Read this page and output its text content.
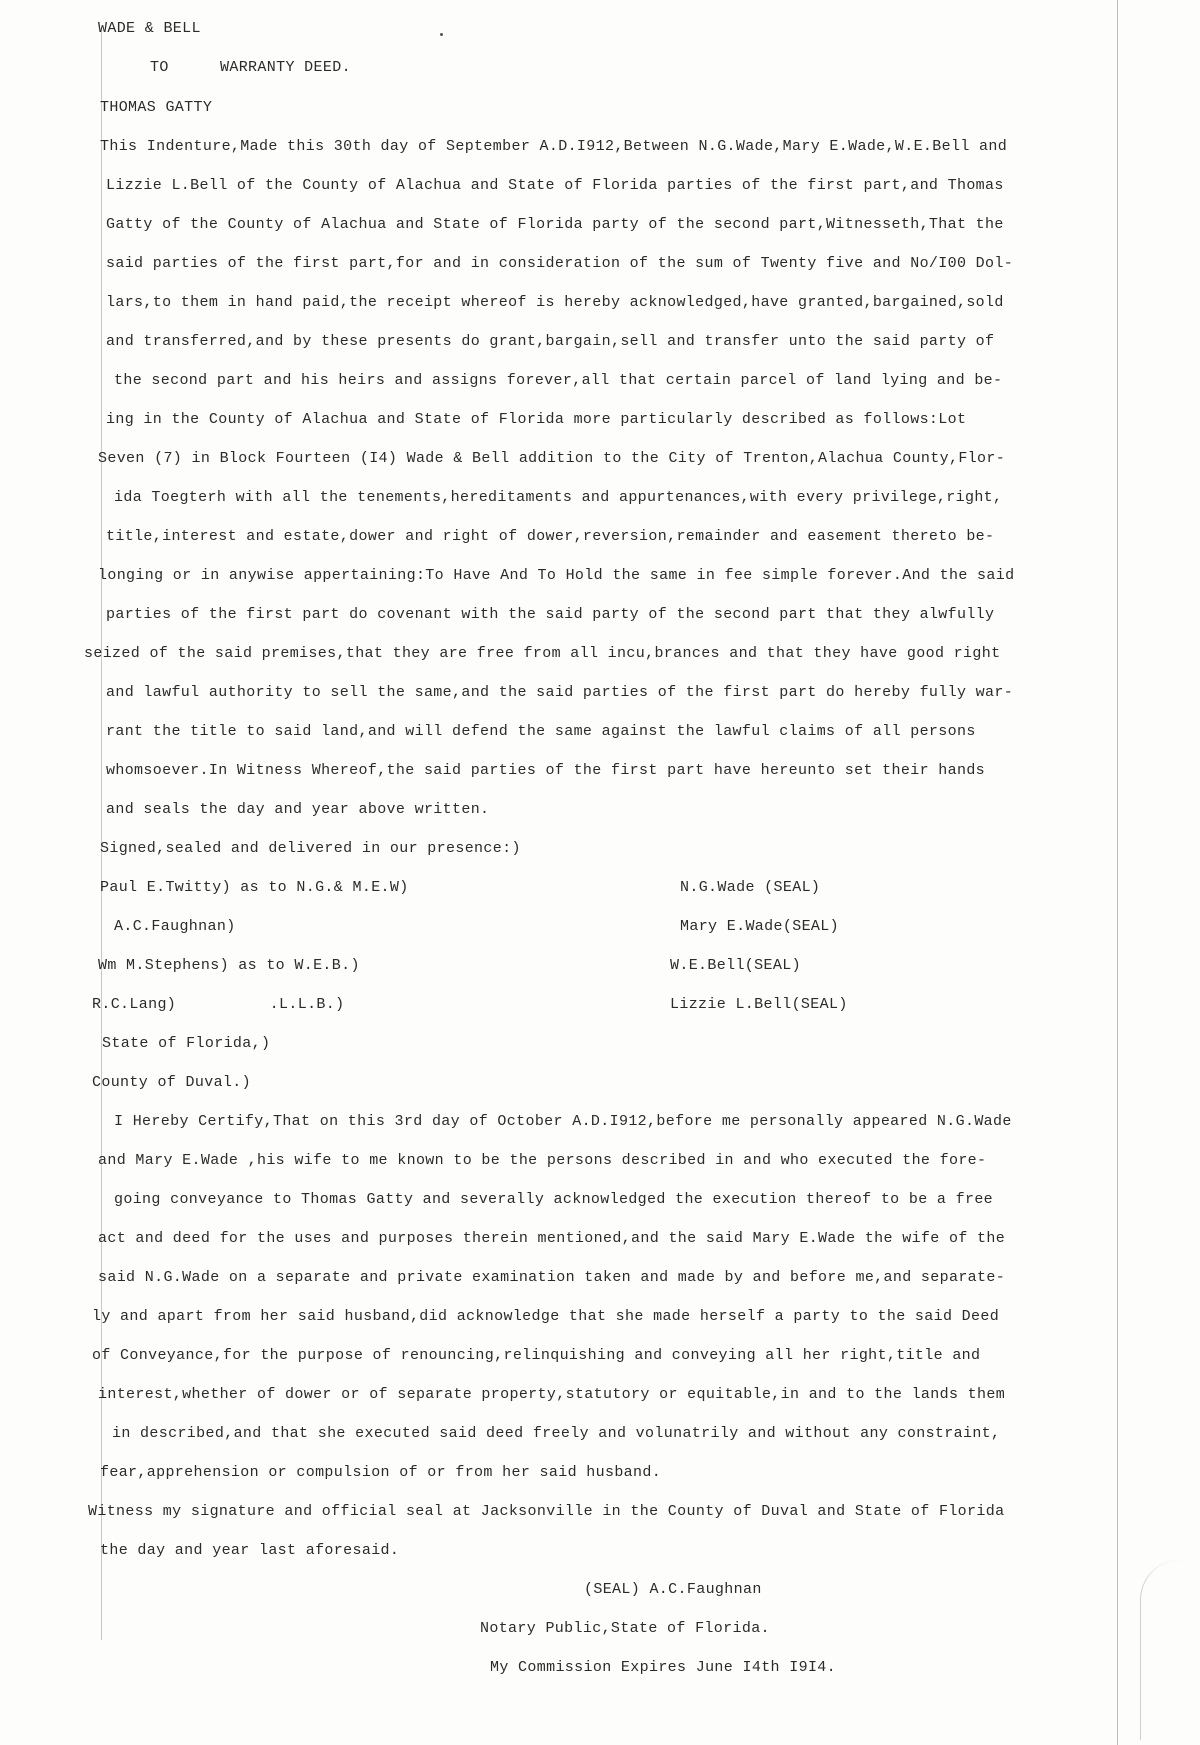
WADE & BELL
TO	WARRANTY DEED.
THOMAS GATTY
This Indenture,Made this 30th day of September A.D.I912,Between N.G.Wade,Mary E.Wade,W.E.Bell and
Lizzie L.Bell of the County of Alachua and State of Florida parties of the first part,and Thomas
Gatty of the County of Alachua and State of Florida party of the second part,Witnesseth,That the
said parties of the first part,for and in consideration of the sum of Twenty five and No/I00 Dol-
lars,to them in hand paid,the receipt whereof is hereby acknowledged,have granted,bargained,sold
and transferred,and by these presents do grant,bargain,sell and transfer unto the said party of
the second part and his heirs and assigns forever,all that certain parcel of land lying and be-
ing in the County of Alachua and State of Florida more particularly described as follows:Lot
Seven (7) in Block Fourteen (I4) Wade & Bell addition to the City of Trenton,Alachua County,Flor-
ida Toegterh with all the tenements,hereditaments and appurtenances,with every privilege,right,
title,interest and estate,dower and right of dower,reversion,remainder and easement thereto be-
longing or in anywise appertaining:To Have And To Hold the same in fee simple forever.And the said
parties of the first part do covenant with the said party of the second part that they alwfully
seized of the said premises,that they are free from all incu,brances and that they have good right
and lawful authority to sell the same,and the said parties of the first part do hereby fully war-
rant the title to said land,and will defend the same against the lawful claims of all persons
whomsoever.In Witness Whereof,the said parties of the first part have hereunto set their hands
and seals the day and year above written.
Signed,sealed and delivered in our presence:)
Paul E.Twitty) as to N.G.& M.E.W)
A.C.Faughnan)
Wm M.Stephens) as to W.E.B.)
R.C.Lang)          .L.L.B.)
N.G.Wade (SEAL)
Mary E.Wade(SEAL)
W.E.Bell(SEAL)
Lizzie L.Bell(SEAL)
State of Florida,)
County of Duval.)
I Hereby Certify,That on this 3rd day of October A.D.I912,before me personally appeared N.G.Wade
and Mary E.Wade ,his wife to me known to be the persons described in and who executed the fore-
going conveyance to Thomas Gatty and severally acknowledged the execution thereof to be a free
act and deed for the uses and purposes therein mentioned,and the said Mary E.Wade the wife of the
said N.G.Wade on a separate and private examination taken and made by and before me,and separate-
ly and apart from her said husband,did acknowledge that she made herself a party to the said Deed
of Conveyance,for the purpose of renouncing,relinquishing and conveying all her right,title and
interest,whether of dower or of separate property,statutory or equitable,in and to the lands them
in described,and that she executed said deed freely and volunatrily and without any constraint,
fear,apprehension or compulsion of or from her said husband.
Witness my signature and official seal at Jacksonville in the County of Duval and State of Florida
the day and year last aforesaid.
(SEAL) A.C.Faughnan
Notary Public,State of Florida.
My Commission Expires June I4th I9I4.
